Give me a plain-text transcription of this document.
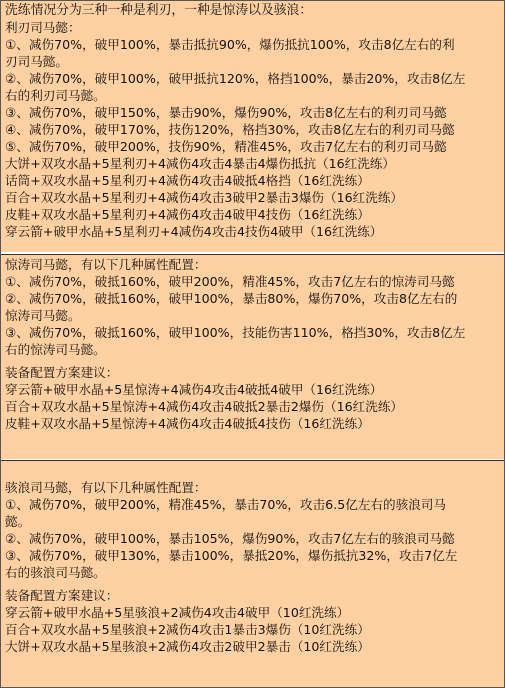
洗练情况分为三种一种是利刃，一种是惊涛以及骇浪：
利刃司马懿：
①、减伤70%，破甲100%，暴击抵抗90%，爆伤抵抗100%，攻击8亿左右的利
刃司马懿。
②、减伤70%，破甲100%，破甲抵抗120%，格挡100%，暴击20%，攻击8亿左
右的利刃司马懿。
③、减伤70%，破甲150%，暴击90%，爆伤90%，攻击8亿左右的利刃司马懿
④、减伤70%，破甲170%，技伤120%，格挡30%，攻击8亿左右的利刃司马懿
⑤、减伤70%，破甲200%，技伤90%，精准45%，攻击7亿左右的利刃司马懿
大饼+双攻水晶+5星利刃+4减伤4攻击4暴击4爆伤抵抗（16红洗练）
话筒+双攻水晶+5星利刃+4减伤4攻击4破抵4格挡（16红洗练）
百合+双攻水晶+5星利刃+4减伤4攻击3破甲2暴击3爆伤（16红洗练）
皮鞋+双攻水晶+5星利刃+4减伤4攻击4破甲4技伤（16红洗练）
穿云箭+破甲水晶+5星利刃+4减伤4攻击4技伤4破甲（16红洗练）
惊涛司马懿，有以下几种属性配置：
①、减伤70%，破抵160%，破甲200%，精准45%，攻击7亿左右的惊涛司马懿
②、减伤70%，破抵160%，破甲100%，暴击80%，爆伤70%，攻击8亿左右的
惊涛司马懿。
③、减伤70%，破抵160%，破甲100%，技能伤害110%，格挡30%，攻击8亿左
右的惊涛司马懿。
装备配置方案建议：
穿云箭+破甲水晶+5星惊涛+4减伤4攻击4破抵4破甲（16红洗练）
百合+双攻水晶+5星惊涛+4减伤4攻击4破抵2暴击2爆伤（16红洗练）
皮鞋+双攻水晶+5星惊涛+4减伤4攻击4破抵4技伤（16红洗练）
骇浪司马懿，有以下几种属性配置：
①、减伤70%，破甲200%，精准45%，暴击70%，攻击6.5亿左右的骇浪司马
懿。
②、减伤70%，破甲100%，暴击105%，爆伤90%，攻击7亿左右的骇浪司马懿
③、减伤70%，破甲130%，暴击100%，暴抵20%，爆伤抵抗32%，攻击7亿左
右的骇浪司马懿。
装备配置方案建议：
穿云箭+破甲水晶+5星骇浪+2减伤4攻击4破甲（10红洗练）
百合+双攻水晶+5星骇浪+2减伤4攻击1暴击3爆伤（10红洗练）
大饼+双攻水晶+5星骇浪+2减伤4攻击2破甲2暴击（10红洗练）
